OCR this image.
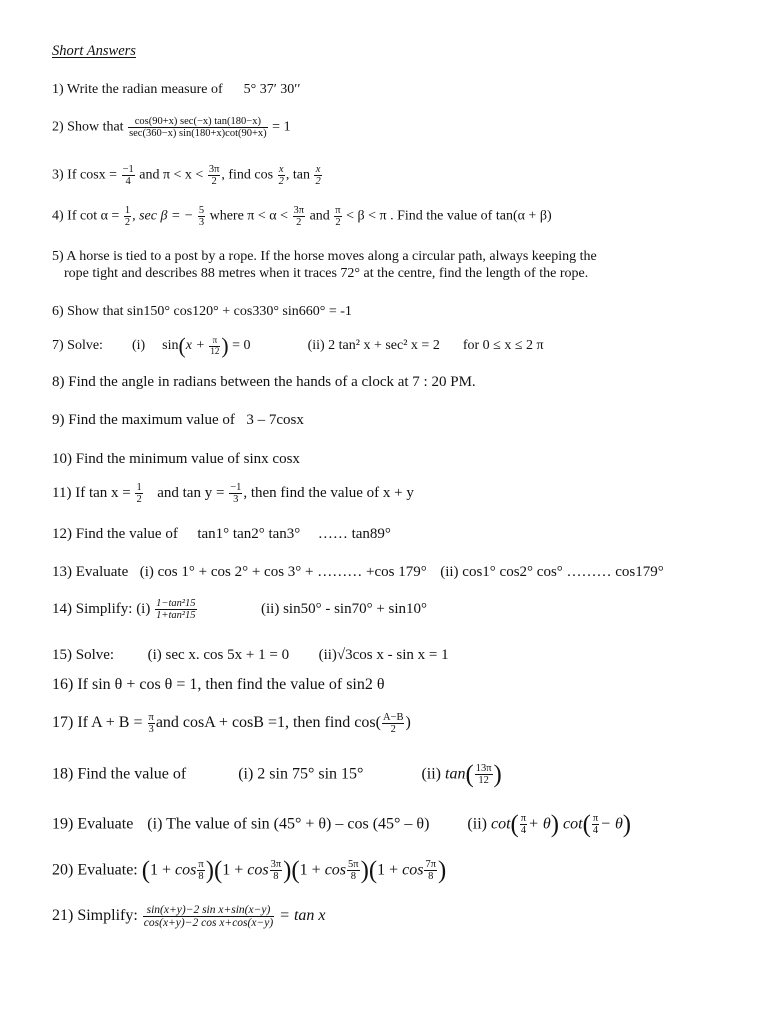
Short Answers
1) Write the radian measure of 5° 37′ 30′′
2) Show that $\frac{\cos(90+x) \sec(-x) \tan(180-x)}{\sec(360-x) \sin(180+x)\cot(90+x)} = 1$
3) If $\cos x = \frac{-1}{4}$ and $\pi < x < \frac{3\pi}{2}$ , find $\cos \frac{x}{2}$ , $\tan \frac{x}{2}$
4) If $\cot \alpha = \frac{1}{2}$ , sec β = − $\frac{5}{3}$ where $\pi < \alpha < \frac{3\pi}{2}$ and $\frac{\pi}{2} < \beta < \pi$ . Find the value of tan(α + β)
5) A horse is tied to a post by a rope. If the horse moves along a circular path, always keeping the
rope tight and describes 88 metres when it traces 72° at the centre, find the length of the rope.
6) Show that sin150° cos120° + cos330° sin660° = -1
7) Solve: (i) $\sin(x + \frac{\pi}{12}$ ) = 0	(ii) 2 tan² x + sec² x = 2 for 0 ≤ x ≤ 2 π
8) Find the angle in radians between the hands of a clock at 7 : 20 PM.
9) Find the maximum value of 3 – 7cosx
10) Find the minimum value of sinx cosx
11) If $\tan x = \frac{1}{2}$ and $\tan y = \frac{-1}{3}$ , then find the value of x + y
12) Find the value of tan1° tan2° tan3° …… tan89°
13) Evaluate (i) cos 1° + cos 2° + cos 3° + ……… +cos 179° (ii) cos1° cos2° cos° ……… cos179°
14) Simplify: $(i) \frac{\text{1−tan²15}}{\text{1+tan²15}}$	(ii) sin50° - sin70° + sin10°
15) Solve: (i) sec x. cos 5x + 1 = 0 (ii)√3cos x - sin x = 1
16) If sin θ + cos θ = 1, then find the value of sin2 θ
17) If $A + B = \frac{\pi}{3}$ and cosA + cosB =1, then find $\cos( \frac{A-B}{2}$ )
18) Find the value of	(i) 2 sin 75° sin 15°	(ii) $\tan( \frac{13\pi}{12}$ )
19) Evaluate (i) The value of sin (45° + θ) – cos (45° – θ) (ii) $\cot( \frac{\pi}{4} + \theta)$ $\cot( \frac{\pi}{4} - \theta)$
20) Evaluate: $(1 + \cos \frac{\pi}{8} )(1 + \cos \frac{3\pi}{8} )(1 + \cos \frac{5\pi}{8} )(1 + \cos \frac{7\pi}{8}$ )
21) Simplify: $\frac{\text{sin(x+y)−2 sin x+sin(x−y)}}{\text{cos(x+y)−2 cos x+cos(x−y)}} = \tan x$
